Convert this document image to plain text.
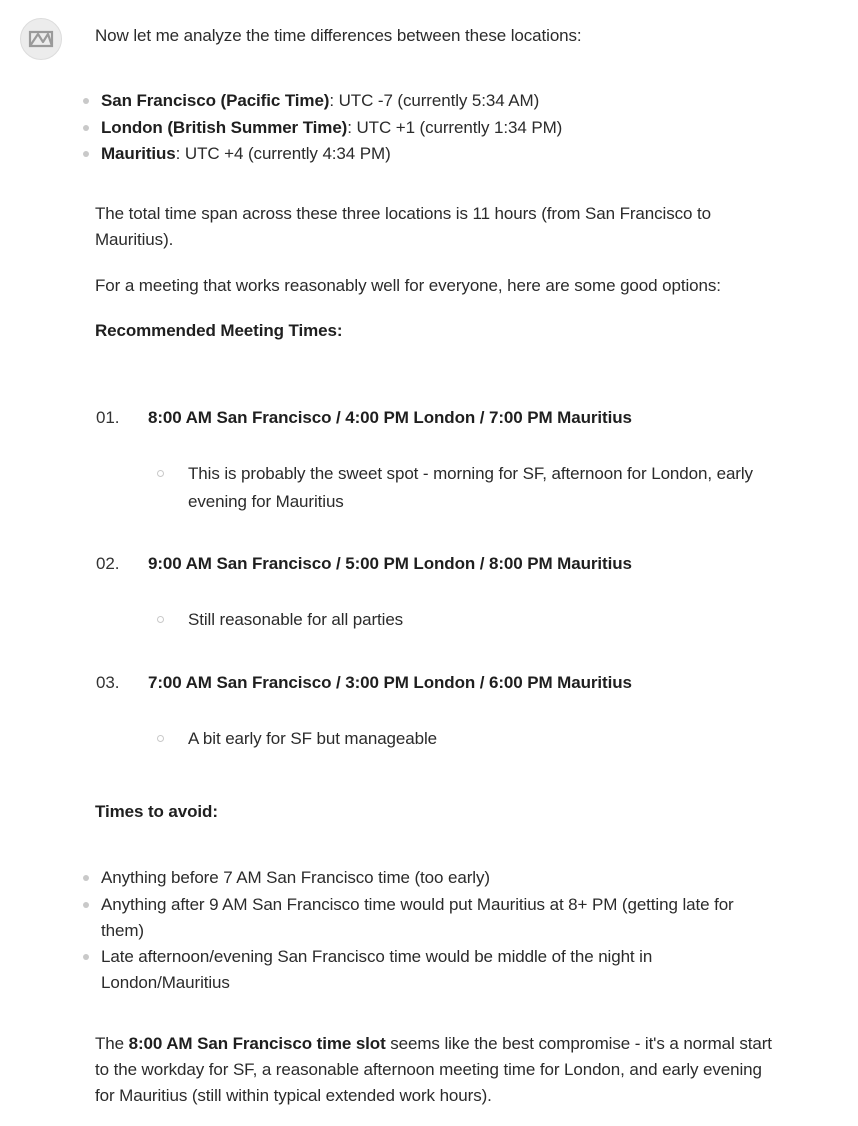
Now let me analyze the time differences between these locations:
San Francisco (Pacific Time): UTC -7 (currently 5:34 AM)
London (British Summer Time): UTC +1 (currently 1:34 PM)
Mauritius: UTC +4 (currently 4:34 PM)
The total time span across these three locations is 11 hours (from San Francisco to
Mauritius).
For a meeting that works reasonably well for everyone, here are some good options:
Recommended Meeting Times:
01. 8:00 AM San Francisco / 4:00 PM London / 7:00 PM Mauritius
This is probably the sweet spot - morning for SF, afternoon for London, early
evening for Mauritius
02. 9:00 AM San Francisco / 5:00 PM London / 8:00 PM Mauritius
Still reasonable for all parties
03. 7:00 AM San Francisco / 3:00 PM London / 6:00 PM Mauritius
A bit early for SF but manageable
Times to avoid:
Anything before 7 AM San Francisco time (too early)
Anything after 9 AM San Francisco time would put Mauritius at 8+ PM (getting late for
them)
Late afternoon/evening San Francisco time would be middle of the night in
London/Mauritius
The 8:00 AM San Francisco time slot seems like the best compromise - it's a normal start
to the workday for SF, a reasonable afternoon meeting time for London, and early evening
for Mauritius (still within typical extended work hours).
